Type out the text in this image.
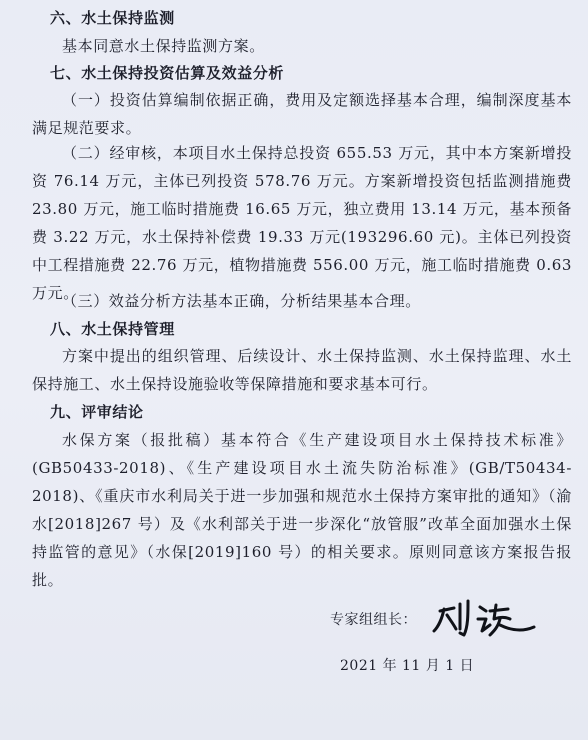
六、水土保持监测
基本同意水土保持监测方案。
七、水土保持投资估算及效益分析
（一）投资估算编制依据正确，费用及定额选择基本合理，编制深度基本满足规范要求。
（二）经审核，本项目水土保持总投资 655.53 万元，其中本方案新增投资 76.14 万元，主体已列投资 578.76 万元。方案新增投资包括监测措施费 23.80 万元，施工临时措施费 16.65 万元，独立费用 13.14 万元，基本预备费 3.22 万元，水土保持补偿费 19.33 万元(193296.60 元)。主体已列投资中工程措施费 22.76 万元，植物措施费 556.00 万元，施工临时措施费 0.63 万元。
（三）效益分析方法基本正确，分析结果基本合理。
八、水土保持管理
方案中提出的组织管理、后续设计、水土保持监测、水土保持监理、水土保持施工、水土保持设施验收等保障措施和要求基本可行。
九、评审结论
水保方案（报批稿）基本符合《生产建设项目水土保持技术标准》(GB50433-2018)、《生产建设项目水土流失防治标准》(GB/T50434-2018)、《重庆市水利局关于进一步加强和规范水土保持方案审批的通知》（渝水[2018]267 号）及《水利部关于进一步深化“放管服”改革全面加强水土保持监管的意见》（水保[2019]160 号）的相关要求。原则同意该方案报告报批。
专家组组长：
2021 年 11 月 1 日
